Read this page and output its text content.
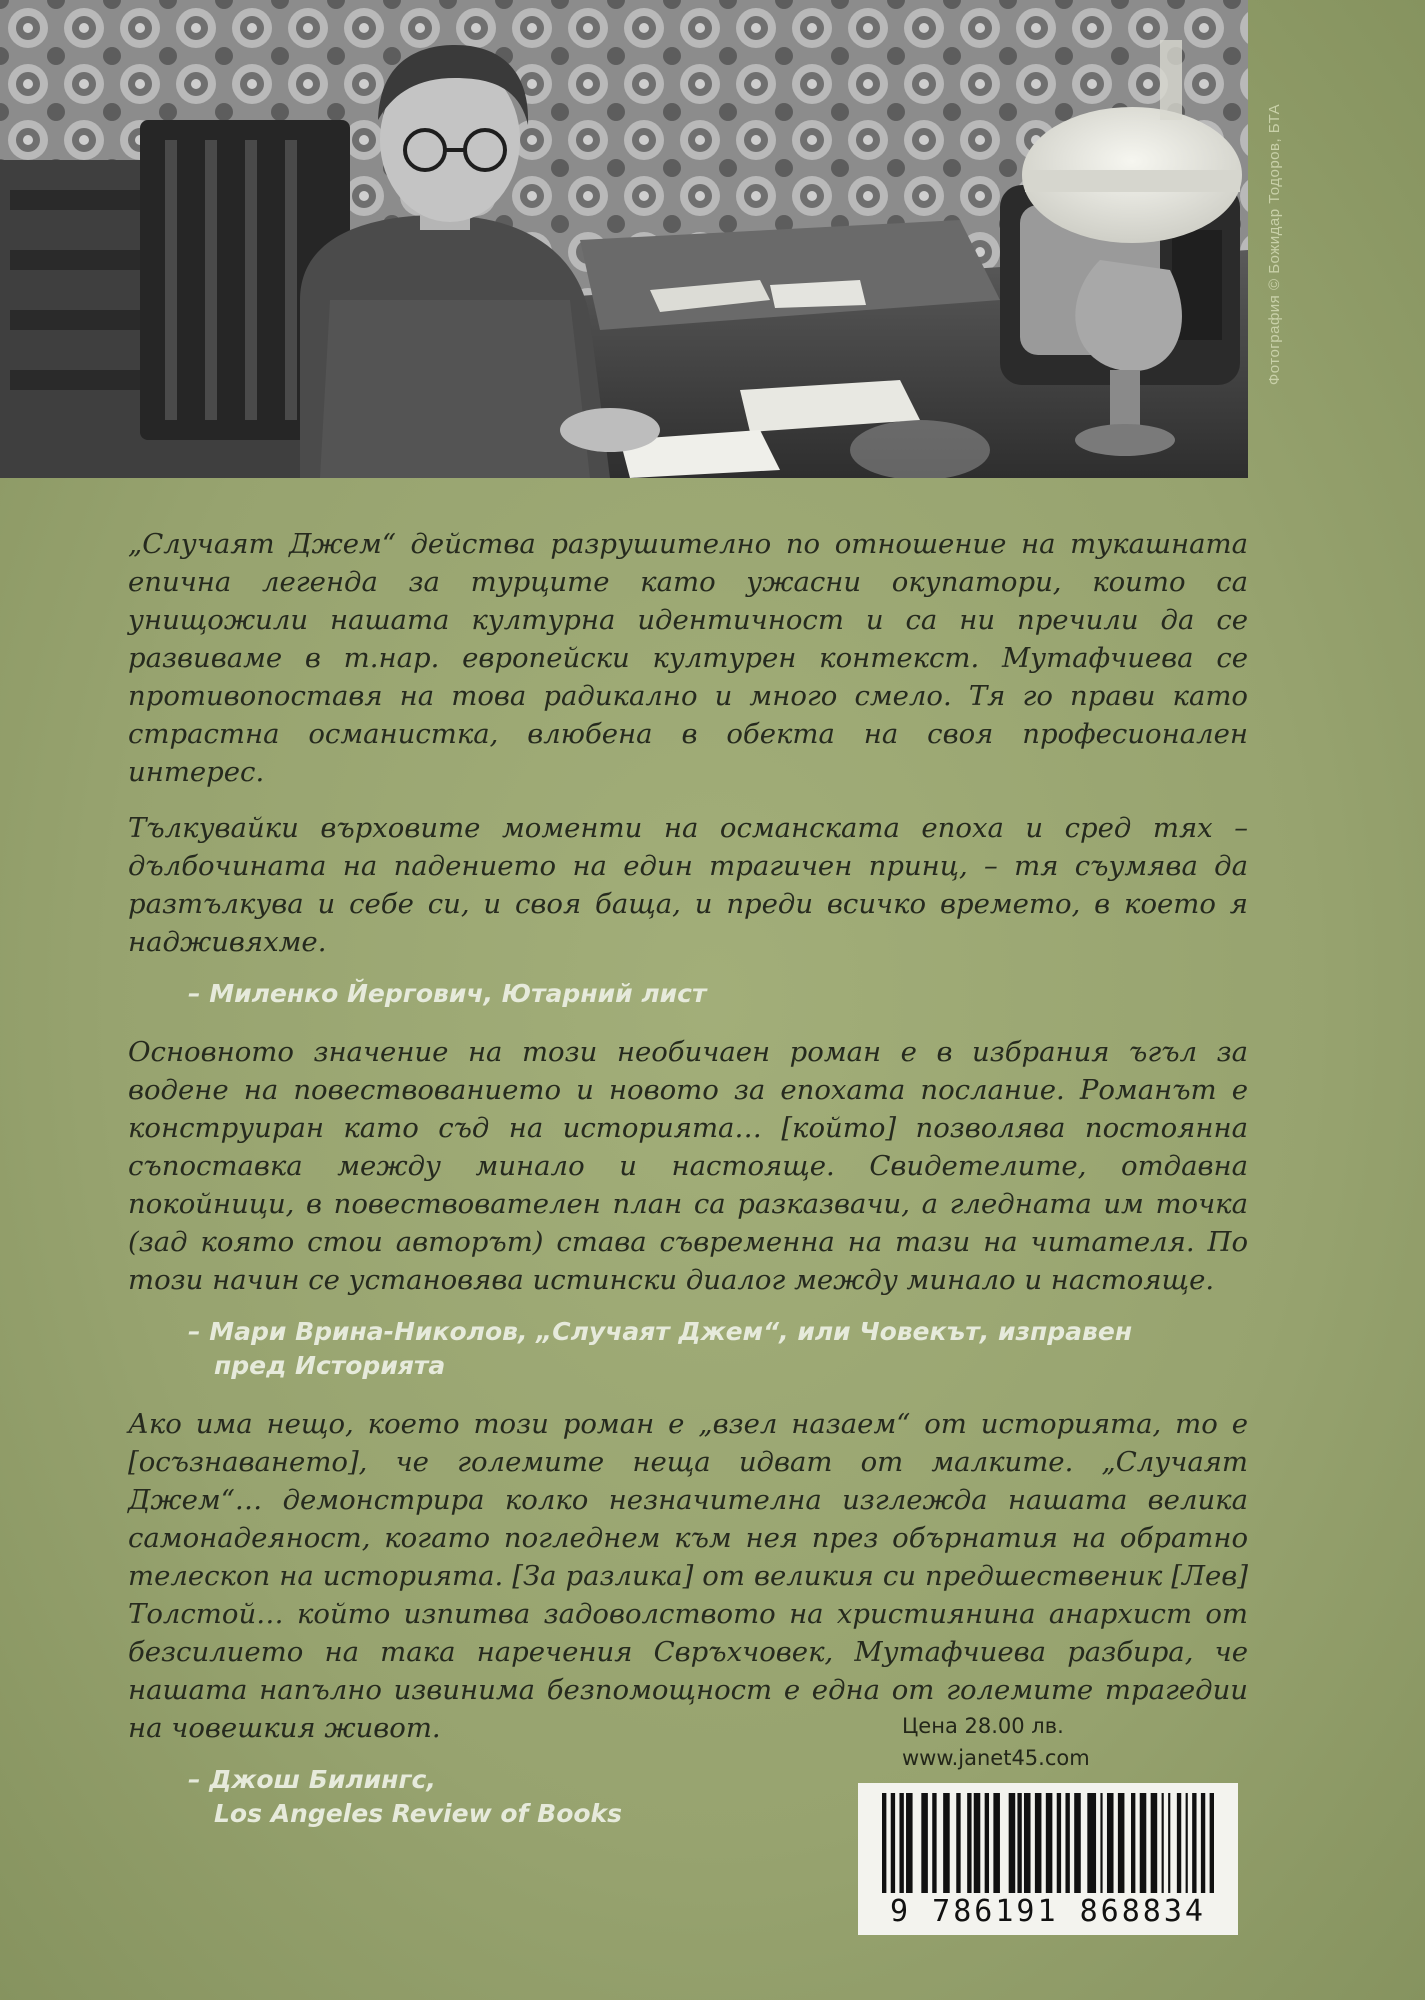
Фотография © Божидар Тодоров, БТА

„Случаят Джем“ действа разрушително по отношение на тукашната епична легенда за турците като ужасни окупатори, които са унищожили нашата културна идентичност и са ни пречили да се развиваме в т.нар. европейски културен контекст. Мутафчиева се противопоставя на това радикално и много смело. Тя го прави като страстна османистка, влюбена в обекта на своя професионален интерес.

Тълкувайки върховите моменти на османската епоха и сред тях – дълбочината на падението на един трагичен принц, – тя съумява да разтълкува и себе си, и своя баща, и преди всичко времето, в което я надживяхме.

– Миленко Йергович, Ютарний лист

Основното значение на този необичаен роман е в избрания ъгъл за водене на повествованието и новото за епохата послание. Романът е конструиран като съд на историята… [който] позволява постоянна съпоставка между минало и настояще. Свидетелите, отдавна покойници, в повествователен план са разказвачи, а гледната им точка (зад която стои авторът) става съвременна на тази на читателя. По този начин се установява истински диалог между минало и настояще.

– Мари Врина-Николов, „Случаят Джем“, или Човекът, изправен
пред Историята

Ако има нещо, което този роман е „взел назаем“ от историята, то е [осъзнаването], че големите неща идват от малките. „Случаят Джем“… демонстрира колко незначителна изглежда нашата велика самонадеяност, когато погледнем към нея през обърнатия на обратно телескоп на историята. [За разлика] от великия си предшественик [Лев] Толстой… който изпитва задоволството на християнина анархист от безсилието на така наречения Свръхчовек, Мутафчиева разбира, че нашата напълно извинима безпомощност е една от големите трагедии на човешкия живот.

– Джош Билингс,
Los Angeles Review of Books
Цена 28.00 лв.
www.janet45.com
9 786191 868834
